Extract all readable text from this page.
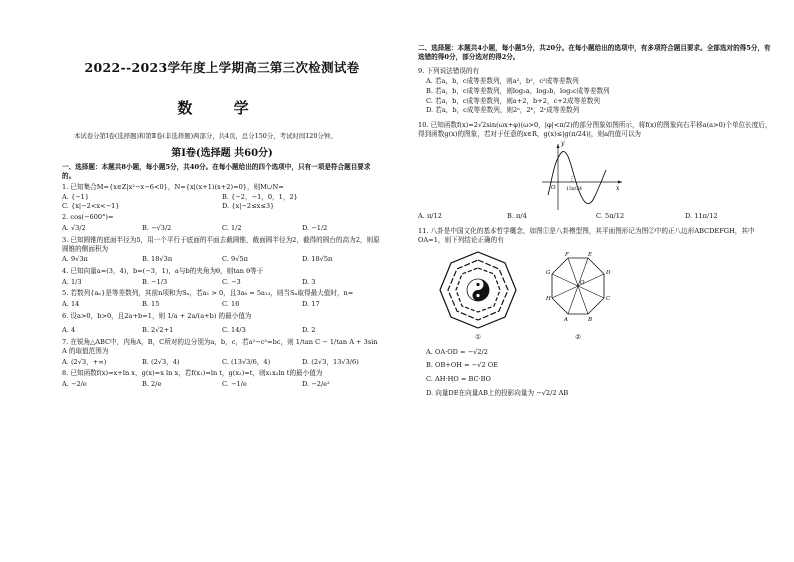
2022--2023学年度上学期高三第三次检测试卷
数 学
本试卷分第Ⅰ卷(选择题)和第Ⅱ卷(非选择题)两部分，共4页，总分150分，考试时间120分钟。
第Ⅰ卷(选择题 共60分)
一、选择题：本题共8小题，每小题5分，共40分。在每小题给出的四个选项中，只有一项是符合题目要求的。
1. 已知集合M={x∈Z|x²−x−6<0}，N={x|(x+1)(x+2)=0}，则M∪N=
A. {−1}	B. {−2，−1，0，1，2}
C. {x|−2<x<−1}	D. {x|−2≤x≤3}
2. cos(−600°)=
A. √3/2	B. −√3/2	C. 1/2	D. −1/2
3. 已知圆锥的底面半径为5，用一个平行于底面的平面去截圆锥，截面圆半径为2，截得的圆台的高为2，则原圆锥的侧面积为
A. 9√3π	B. 18√3π	C. 9√5π	D. 18√5π
4. 已知向量a=(3，4)，b=(−3，1)，a与b的夹角为θ，则tan θ等于
A. 1/3	B. −1/3	C. −3	D. 3
5. 若数列{aₙ}是等差数列，其前n项和为Sₙ，若a₁ > 0，且3a₈ = 5a₁₃，则当Sₙ取得最大值时，n=
A. 14	B. 15	C. 16	D. 17
6. 设a>0，b>0，且2a+b=1，则 1/a + 2a/(a+b) 的最小值为
A. 4	B. 2√2+1	C. 14/3	D. 2
7. 在锐角△ABC中，内角A，B，C所对的边分别为a，b，c，若a²−c²=bc，则 1/tan C − 1/tan A + 3sin A 的取值范围为
A. (2√3，+∞)	B. (2√3，4)	C. (13√3/6，4)	D. (2√3，13√3/6)
8. 已知函数f(x)=x+ln x，g(x)=x ln x，若f(x₁)=ln t，g(x₂)=t，则x₁x₂ln t的最小值为
A. −2/e	B. 2/e	C. −1/e	D. −2/e²
二、选择题：本题共4小题，每小题5分，共20分。在每小题给出的选项中，有多项符合题目要求。全部选对的得5分，有选错的得0分，部分选对的得2分。
9. 下列说法错误的有
A. 若a，b，c成等差数列，则a²，b²，c²成等差数列
B. 若a，b，c成等差数列，则log₂a，log₂b，log₂c成等差数列
C. 若a，b，c成等差数列，则a+2，b+2，c+2成等差数列
D. 若a，b，c成等差数列，则2ᵃ，2ᵇ，2ᶜ成等差数列
10. 已知函数f(x)=2√2sin(ωx+φ)(ω>0，|φ|<π/2)的部分图象如图所示，将f(x)的图象向右平移a(a>0)个单位长度后，得到函数g(x)的图象，若对于任意的x∈R，g(x)≤|g(π/24)|，则a的值可以为
y
x
O 13π/24
A. π/12	B. π/4	C. 5π/12	D. 11π/12
11. 八卦是中国文化的基本哲学概念，如图①是八卦模型图，其平面图形记为图②中的正八边形ABCDEFGH，其中OA=1，则下列结论正确的有
①
F	E
D
C
B
A
H
G
O
②
A. OA·OD = −√2/2
B. OB+OH = −√2 OE
C. AH·HO = BC·BO
D. 向量DE在向量AB上的投影向量为 −√2/2 AB
